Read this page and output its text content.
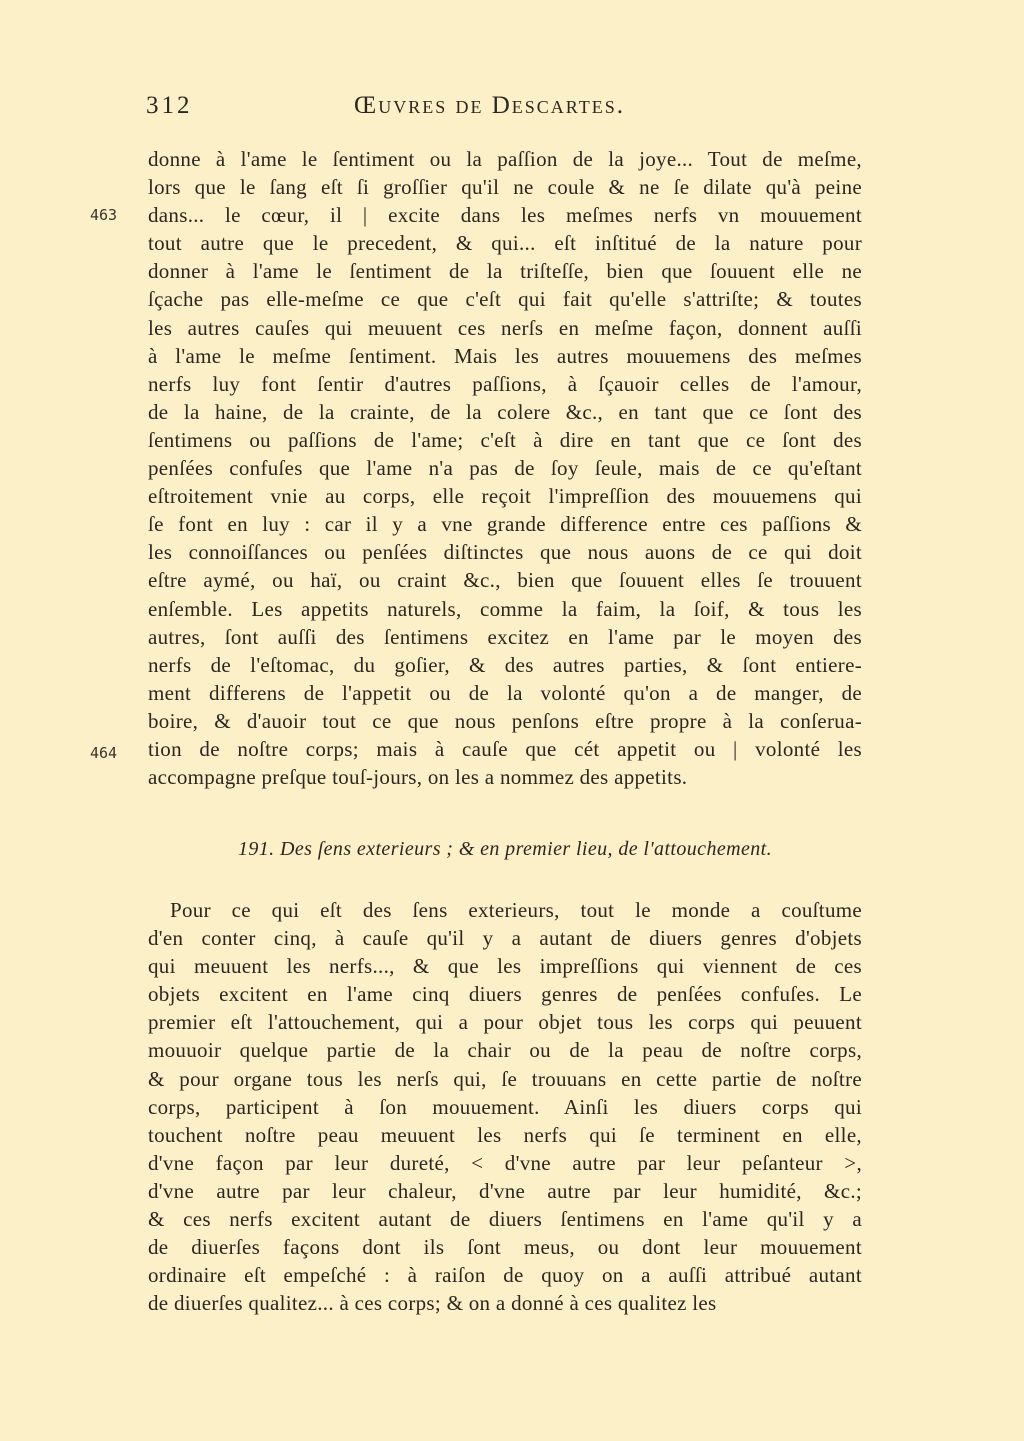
312	Œuvres de Descartes.
463
464
donne à l'ame le ſentiment ou la paſſion de la joye... Tout de meſme,
lors que le ſang eſt ſi groſſier qu'il ne coule & ne ſe dilate qu'à peine
dans... le cœur, il | excite dans les meſmes nerfs vn mouuement
tout autre que le precedent, & qui... eſt inſtitué de la nature pour
donner à l'ame le ſentiment de la triſteſſe, bien que ſouuent elle ne
ſçache pas elle-meſme ce que c'eſt qui fait qu'elle s'attriſte; & toutes
les autres cauſes qui meuuent ces nerſs en meſme façon, donnent auſſi
à l'ame le meſme ſentiment. Mais les autres mouuemens des meſmes
nerfs luy font ſentir d'autres paſſions, à ſçauoir celles de l'amour,
de la haine, de la crainte, de la colere &c., en tant que ce ſont des
ſentimens ou paſſions de l'ame; c'eſt à dire en tant que ce ſont des
penſées confuſes que l'ame n'a pas de ſoy ſeule, mais de ce qu'eſtant
eſtroitement vnie au corps, elle reçoit l'impreſſion des mouuemens qui
ſe font en luy : car il y a vne grande difference entre ces paſſions &
les connoiſſances ou penſées diſtinctes que nous auons de ce qui doit
eſtre aymé, ou haï, ou craint &c., bien que ſouuent elles ſe trouuent
enſemble. Les appetits naturels, comme la faim, la ſoif, & tous les
autres, ſont auſſi des ſentimens excitez en l'ame par le moyen des
nerfs de l'eſtomac, du goſier, & des autres parties, & ſont entiere-
ment differens de l'appetit ou de la volonté qu'on a de manger, de
boire, & d'auoir tout ce que nous penſons eſtre propre à la conſerua-
tion de noſtre corps; mais à cauſe que cét appetit ou | volonté les
accompagne preſque touſ-jours, on les a nommez des appetits.
191. Des ſens exterieurs ; & en premier lieu, de l'attouchement.
Pour ce qui eſt des ſens exterieurs, tout le monde a couſtume
d'en conter cinq, à cauſe qu'il y a autant de diuers genres d'objets
qui meuuent les nerfs..., & que les impreſſions qui viennent de ces
objets excitent en l'ame cinq diuers genres de penſées confuſes. Le
premier eſt l'attouchement, qui a pour objet tous les corps qui peuuent
mouuoir quelque partie de la chair ou de la peau de noſtre corps,
& pour organe tous les nerſs qui, ſe trouuans en cette partie de noſtre
corps, participent à ſon mouuement. Ainſi les diuers corps qui
touchent noſtre peau meuuent les nerfs qui ſe terminent en elle,
d'vne façon par leur dureté, < d'vne autre par leur peſanteur >,
d'vne autre par leur chaleur, d'vne autre par leur humidité, &c.;
& ces nerfs excitent autant de diuers ſentimens en l'ame qu'il y a
de diuerſes façons dont ils ſont meus, ou dont leur mouuement
ordinaire eſt empeſché : à raiſon de quoy on a auſſi attribué autant
de diuerſes qualitez... à ces corps; & on a donné à ces qualitez les
